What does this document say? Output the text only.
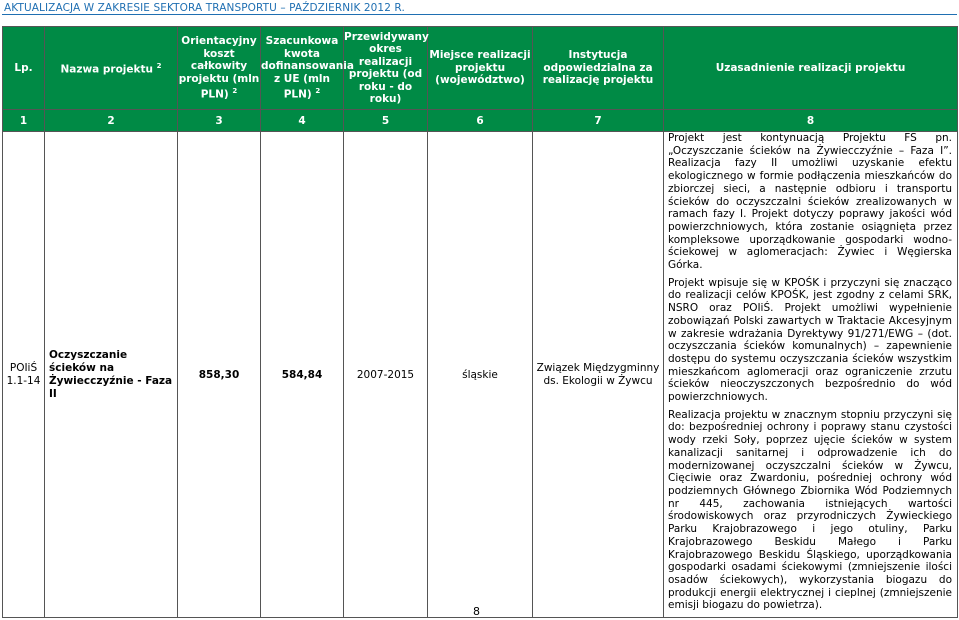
AKTUALIZACJA W ZAKRESIE SEKTORA TRANSPORTU – PAŹDZIERNIK 2012 R.
Lp.	Nazwa projektu $^2$	Orientacyjny koszt całkowity projektu (mln PLN) $^2$	Szacunkowa kwota dofinansowania z UE (mln PLN) $^2$	Przewidywany okres realizacji projektu (od roku - do roku)	Miejsce realizacji projektu (województwo)	Instytucja odpowiedzialna za realizację projektu	Uzasadnienie realizacji projektu
1	2	3	4	5	6	7	8
POIiŚ 1.1-14	Oczyszczanie ścieków na Żywiecczyźnie - Faza II	858,30	584,84	2007-2015	śląskie	Związek Międzygminny ds. Ekologii w Żywcu	Projekt jest kontynuacją Projektu FS pn. „Oczyszczanie ścieków na Żywiecczyźnie – Faza I”. Realizacja fazy II umożliwi uzyskanie efektu ekologicznego w formie podłączenia mieszkańców do zbiorczej sieci, a następnie odbioru i transportu ścieków do oczyszczalni ścieków zrealizowanych w ramach fazy I. Projekt dotyczy poprawy jakości wód powierzchniowych, która zostanie osiągnięta przez kompleksowe uporządkowanie gospodarki wodno-ściekowej w aglomeracjach: Żywiec i Węgierska Górka.

Projekt wpisuje się w KPOŚK i przyczyni się znacząco do realizacji celów KPOŚK, jest zgodny z celami SRK, NSRO oraz POIiŚ. Projekt umożliwi wypełnienie zobowiązań Polski zawartych w Traktacie Akcesyjnym w zakresie wdrażania Dyrektywy 91/271/EWG – (dot. oczyszczania ścieków komunalnych) – zapewnienie dostępu do systemu oczyszczania ścieków wszystkim mieszkańcom aglomeracji oraz ograniczenie zrzutu ścieków nieoczyszczonych bezpośrednio do wód powierzchniowych.

Realizacja projektu w znacznym stopniu przyczyni się do: bezpośredniej ochrony i poprawy stanu czystości wody rzeki Soły, poprzez ujęcie ścieków w system kanalizacji sanitarnej i odprowadzenie ich do modernizowanej oczyszczalni ścieków w Żywcu, Cięciwie oraz Zwardoniu, pośredniej ochrony wód podziemnych Głównego Zbiornika Wód Podziemnych nr 445, zachowania istniejących wartości środowiskowych oraz przyrodniczych Żywieckiego Parku Krajobrazowego i jego otuliny, Parku Krajobrazowego Beskidu Małego i Parku Krajobrazowego Beskidu Śląskiego, uporządkowania gospodarki osadami ściekowymi (zmniejszenie ilości osadów ściekowych), wykorzystania biogazu do produkcji energii elektrycznej i cieplnej (zmniejszenie emisji biogazu do powietrza).

8
